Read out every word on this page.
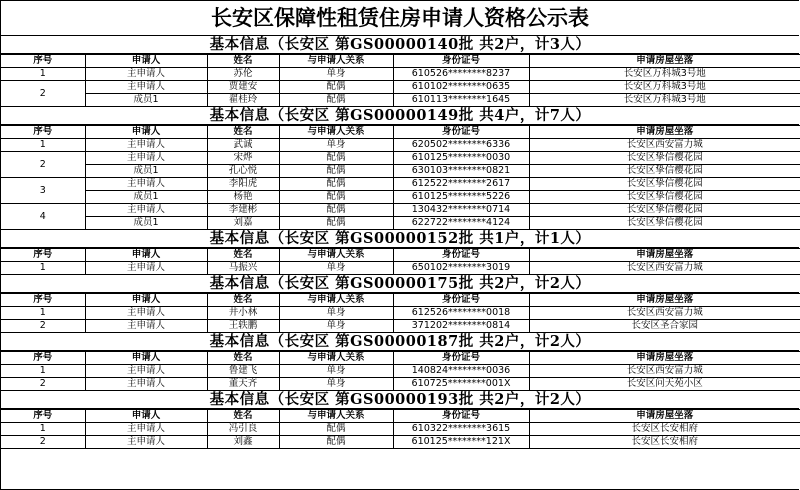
长安区保障性租赁住房申请人资格公示表
基本信息（长安区 第GS00000140批 共2户，计3人）
序号	申请人	姓名	与申请人关系	身份证号	申请房屋坐落
1	主申请人	苏伦	单身	610526********8237	长安区万科城3号地
2	主申请人	贾建安	配偶	610102********0635	长安区万科城3号地
	成员1	翟桂玲	配偶	610113********1645	长安区万科城3号地
基本信息（长安区 第GS00000149批 共4户，计7人）
序号	申请人	姓名	与申请人关系	身份证号	申请房屋坐落
1	主申请人	武诚	单身	620502********6336	长安区西安富力城
2	主申请人	宋烨	配偶	610125********0030	长安区挚信樱花园
	成员1	孔心悦	配偶	630103********0821	长安区挚信樱花园
3	主申请人	李阳虎	配偶	612522********2617	长安区挚信樱花园
	成员1	杨艳	配偶	610125********5226	长安区挚信樱花园
4	主申请人	李建彬	配偶	130432********0714	长安区挚信樱花园
	成员1	刘嘉	配偶	622722********4124	长安区挚信樱花园
基本信息（长安区 第GS00000152批 共1户，计1人）
序号	申请人	姓名	与申请人关系	身份证号	申请房屋坐落
1	主申请人	马振兴	单身	650102********3019	长安区西安富力城
基本信息（长安区 第GS00000175批 共2户，计2人）
序号	申请人	姓名	与申请人关系	身份证号	申请房屋坐落
1	主申请人	井小林	单身	612526********0018	长安区西安富力城
2	主申请人	王轶鹏	单身	371202********0814	长安区圣合家园
基本信息（长安区 第GS00000187批 共2户，计2人）
序号	申请人	姓名	与申请人关系	身份证号	申请房屋坐落
1	主申请人	鲁建飞	单身	140824********0036	长安区西安富力城
2	主申请人	董天齐	单身	610725********001X	长安区问天苑小区
基本信息（长安区 第GS00000193批 共2户，计2人）
序号	申请人	姓名	与申请人关系	身份证号	申请房屋坐落
1	主申请人	冯引良	配偶	610322********3615	长安区长安相府
2	主申请人	刘鑫	配偶	610125********121X	长安区长安相府
